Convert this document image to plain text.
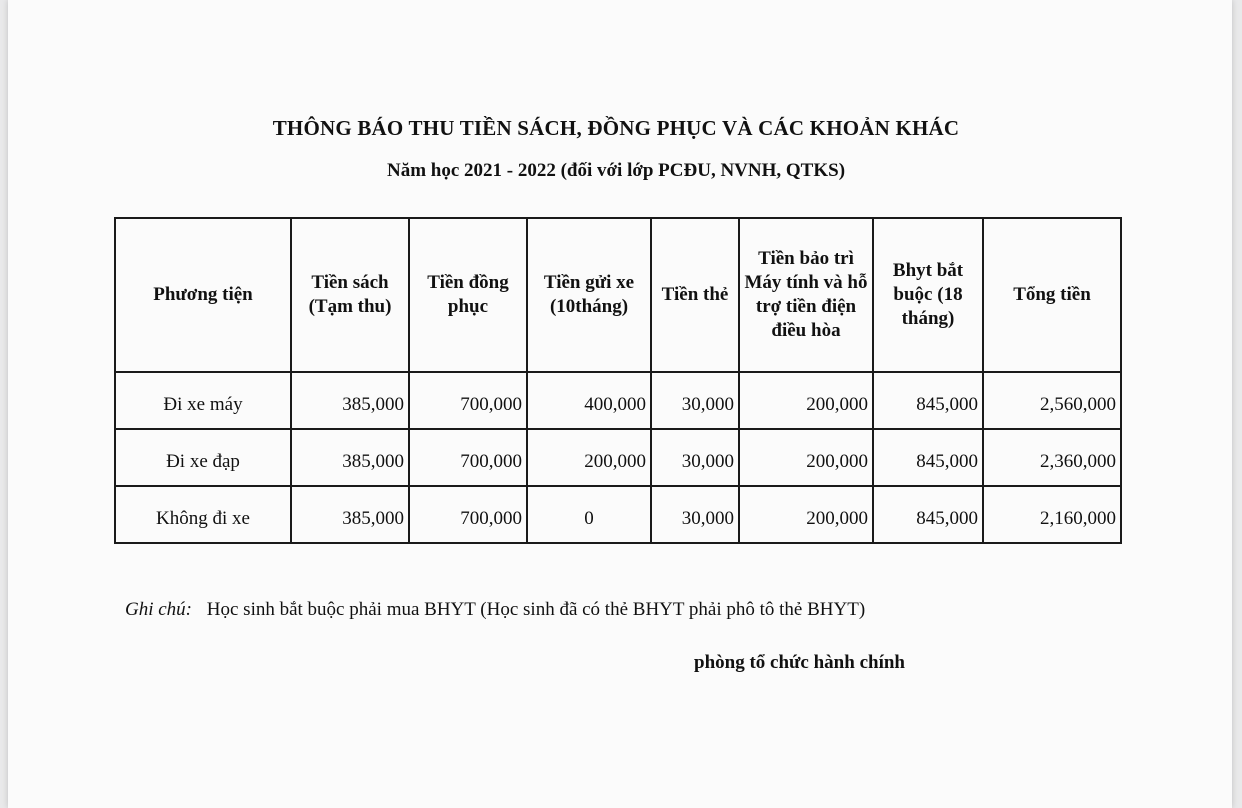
THÔNG BÁO THU TIỀN SÁCH, ĐỒNG PHỤC VÀ CÁC KHOẢN KHÁC
Năm học 2021 - 2022 (đối với lớp PCĐU, NVNH, QTKS)
Phương tiện	Tiền sách (Tạm thu)	Tiền đồng phục	Tiền gửi xe (10tháng)	Tiền thẻ	Tiền bảo trì Máy tính và hỗ trợ tiền điện điều hòa	Bhyt bắt buộc (18 tháng)	Tổng tiền
Đi xe máy	385,000	700,000	400,000	30,000	200,000	845,000	2,560,000
Đi xe đạp	385,000	700,000	200,000	30,000	200,000	845,000	2,360,000
Không đi xe	385,000	700,000	0	30,000	200,000	845,000	2,160,000
Ghi chú: Học sinh bắt buộc phải mua BHYT (Học sinh đã có thẻ BHYT phải phô tô thẻ BHYT)
phòng tổ chức hành chính
